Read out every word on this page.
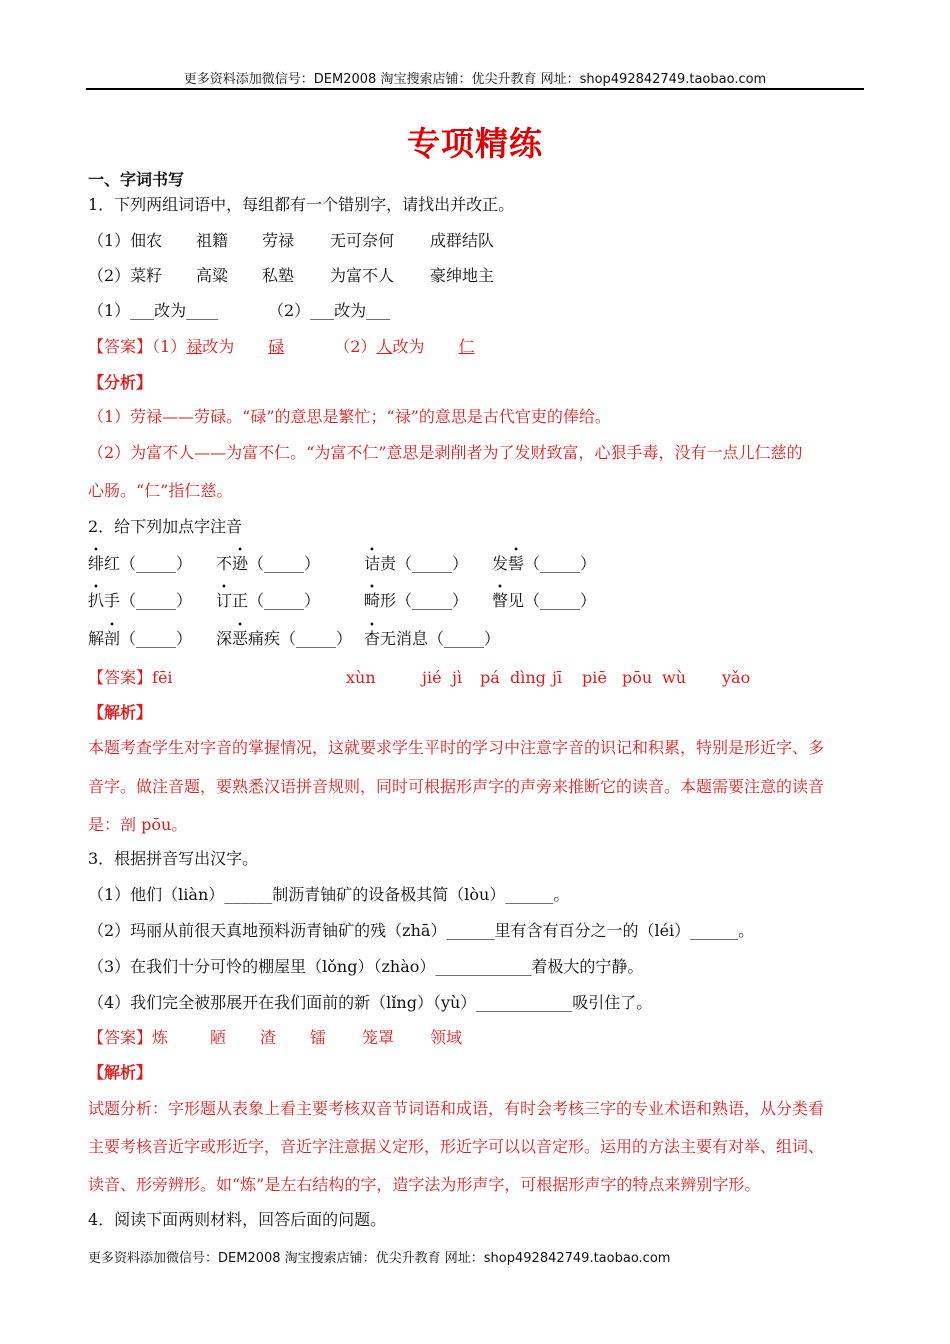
更多资料添加微信号：DEM2008 淘宝搜索店铺：优尖升教育 网址：shop492842749.taobao.com
专项精练
一、字词书写
1．下列两组词语中，每组都有一个错别字，请找出并改正。
（1）佃农 祖籍 劳禄 无可奈何 成群结队
（2）菜籽 高粱 私塾 为富不人 豪绅地主
（1）___改为____	（2）___改为___
【答案】（1）禄改为 碌	（2）人改为 仁
【分析】
（1）劳禄——劳碌。“碌”的意思是繁忙；“禄”的意思是古代官吏的俸给。
（2）为富不人——为富不仁。“为富不仁”意思是剥削者为了发财致富，心狠手毒，没有一点儿仁慈的
心肠。“仁”指仁慈。
2．给下列加点字注音
绯红（_____） 不逊（_____）	诘责（_____） 发髻（_____）
扒手（_____） 订正（_____）	畸形（_____） 瞥见（_____）
解剖（_____） 深恶痛疾（_____） 杳无消息（_____）
【答案】fēi	xùn	jié jì pá dìng jī piē pōu wù yǎo
【解析】
本题考查学生对字音的掌握情况，这就要求学生平时的学习中注意字音的识记和积累，特别是形近字、多
音字。做注音题，要熟悉汉语拼音规则，同时可根据形声字的声旁来推断它的读音。本题需要注意的读音
是：剖 pōu。
3．根据拼音写出汉字。
（1）他们（liàn）______制沥青铀矿的设备极其简（lòu）______。
（2）玛丽从前很天真地预料沥青铀矿的残（zhā）______里有含有百分之一的（léi）______。
（3）在我们十分可怜的棚屋里（lǒng）（zhào）____________着极大的宁静。
（4）我们完全被那展开在我们面前的新（lǐng）（yù）____________吸引住了。
【答案】炼	陋 渣 镭 笼罩 领域
【解析】
试题分析：字形题从表象上看主要考核双音节词语和成语，有时会考核三字的专业术语和熟语，从分类看
主要考核音近字或形近字，音近字注意据义定形，形近字可以以音定形。运用的方法主要有对举、组词、
读音、形旁辨形。如“炼”是左右结构的字，造字法为形声字，可根据形声字的特点来辨别字形。
4．阅读下面两则材料，回答后面的问题。
更多资料添加微信号：DEM2008 淘宝搜索店铺：优尖升教育 网址：shop492842749.taobao.com
